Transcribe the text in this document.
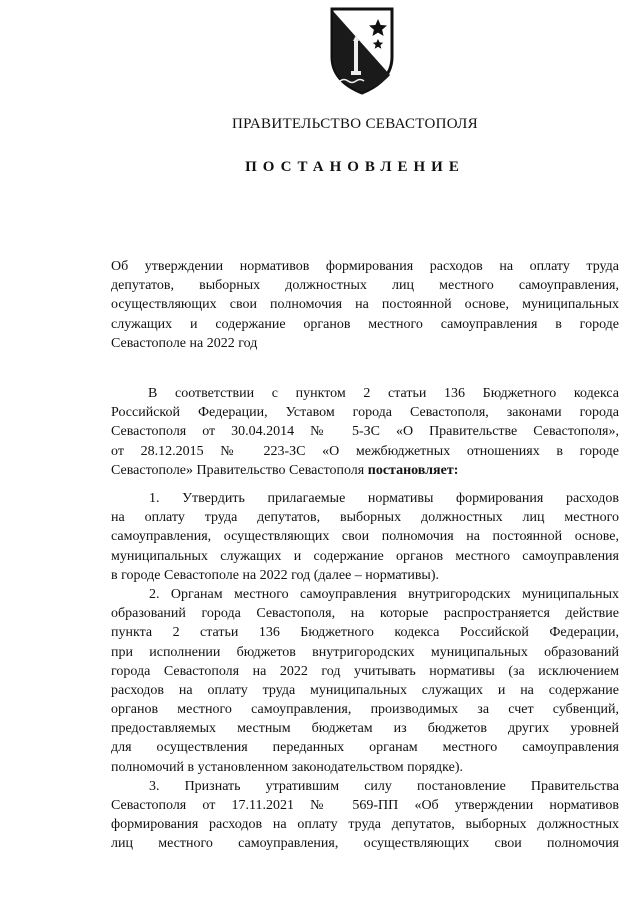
ПРАВИТЕЛЬСТВО СЕВАСТОПОЛЯ
ПОСТАНОВЛЕНИЕ
Об утверждении нормативов формирования расходов на оплату труда
депутатов, выборных должностных лиц местного самоуправления,
осуществляющих свои полномочия на постоянной основе, муниципальных
служащих и содержание органов местного самоуправления в городе
Севастополе на 2022 год
В соответствии с пунктом 2 статьи 136 Бюджетного кодекса
Российской Федерации, Уставом города Севастополя, законами города
Севастополя от 30.04.2014 № 5-ЗС «О Правительстве Севастополя»,
от 28.12.2015 № 223-ЗС «О межбюджетных отношениях в городе
Севастополе» Правительство Севастополя постановляет:
1. Утвердить прилагаемые нормативы формирования расходов
на оплату труда депутатов, выборных должностных лиц местного
самоуправления, осуществляющих свои полномочия на постоянной основе,
муниципальных служащих и содержание органов местного самоуправления
в городе Севастополе на 2022 год (далее – нормативы).
2. Органам местного самоуправления внутригородских муниципальных
образований города Севастополя, на которые распространяется действие
пункта 2 статьи 136 Бюджетного кодекса Российской Федерации,
при исполнении бюджетов внутригородских муниципальных образований
города Севастополя на 2022 год учитывать нормативы (за исключением
расходов на оплату труда муниципальных служащих и на содержание
органов местного самоуправления, производимых за счет субвенций,
предоставляемых местным бюджетам из бюджетов других уровней
для осуществления переданных органам местного самоуправления
полномочий в установленном законодательством порядке).
3. Признать утратившим силу постановление Правительства
Севастополя от 17.11.2021 № 569-ПП «Об утверждении нормативов
формирования расходов на оплату труда депутатов, выборных должностных
лиц местного самоуправления, осуществляющих свои полномочия
